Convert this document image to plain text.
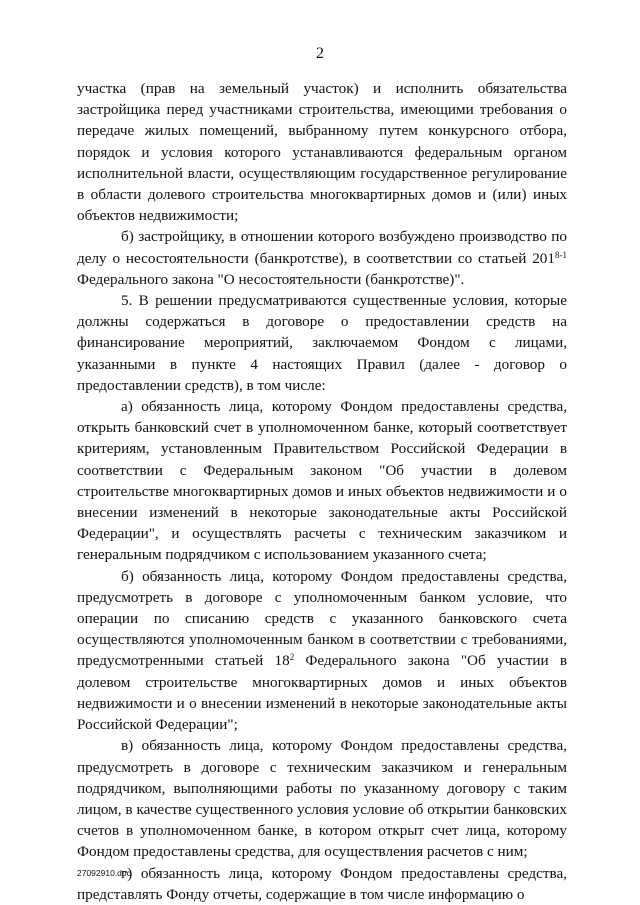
2

участка (прав на земельный участок) и исполнить обязательства застройщика перед участниками строительства, имеющими требования о передаче жилых помещений, выбранному путем конкурсного отбора, порядок и условия которого устанавливаются федеральным органом исполнительной власти, осуществляющим государственное регулирование в области долевого строительства многоквартирных домов и (или) иных объектов недвижимости;

б) застройщику, в отношении которого возбуждено производство по делу о несостоятельности (банкротстве), в соответствии со статьей 201$^{8-1}$ Федерального закона "О несостоятельности (банкротстве)".

5. В решении предусматриваются существенные условия, которые должны содержаться в договоре о предоставлении средств на финансирование мероприятий, заключаемом Фондом с лицами, указанными в пункте 4 настоящих Правил (далее - договор о предоставлении средств), в том числе:

а) обязанность лица, которому Фондом предоставлены средства, открыть банковский счет в уполномоченном банке, который соответствует критериям, установленным Правительством Российской Федерации в соответствии с Федеральным законом "Об участии в долевом строительстве многоквартирных домов и иных объектов недвижимости и о внесении изменений в некоторые законодательные акты Российской Федерации", и осуществлять расчеты с техническим заказчиком и генеральным подрядчиком с использованием указанного счета;

б) обязанность лица, которому Фондом предоставлены средства, предусмотреть в договоре с уполномоченным банком условие, что операции по списанию средств с указанного банковского счета осуществляются уполномоченным банком в соответствии с требованиями, предусмотренными статьей $18^2$ Федерального закона "Об участии в долевом строительстве многоквартирных домов и иных объектов недвижимости и о внесении изменений в некоторые законодательные акты Российской Федерации";

в) обязанность лица, которому Фондом предоставлены средства, предусмотреть в договоре с техническим заказчиком и генеральным подрядчиком, выполняющими работы по указанному договору с таким лицом, в качестве существенного условия условие об открытии банковских счетов в уполномоченном банке, в котором открыт счет лица, которому Фондом предоставлены средства, для осуществления расчетов с ним;

г) обязанность лица, которому Фондом предоставлены средства, представлять Фонду отчеты, содержащие в том числе информацию о

27092910.doc
